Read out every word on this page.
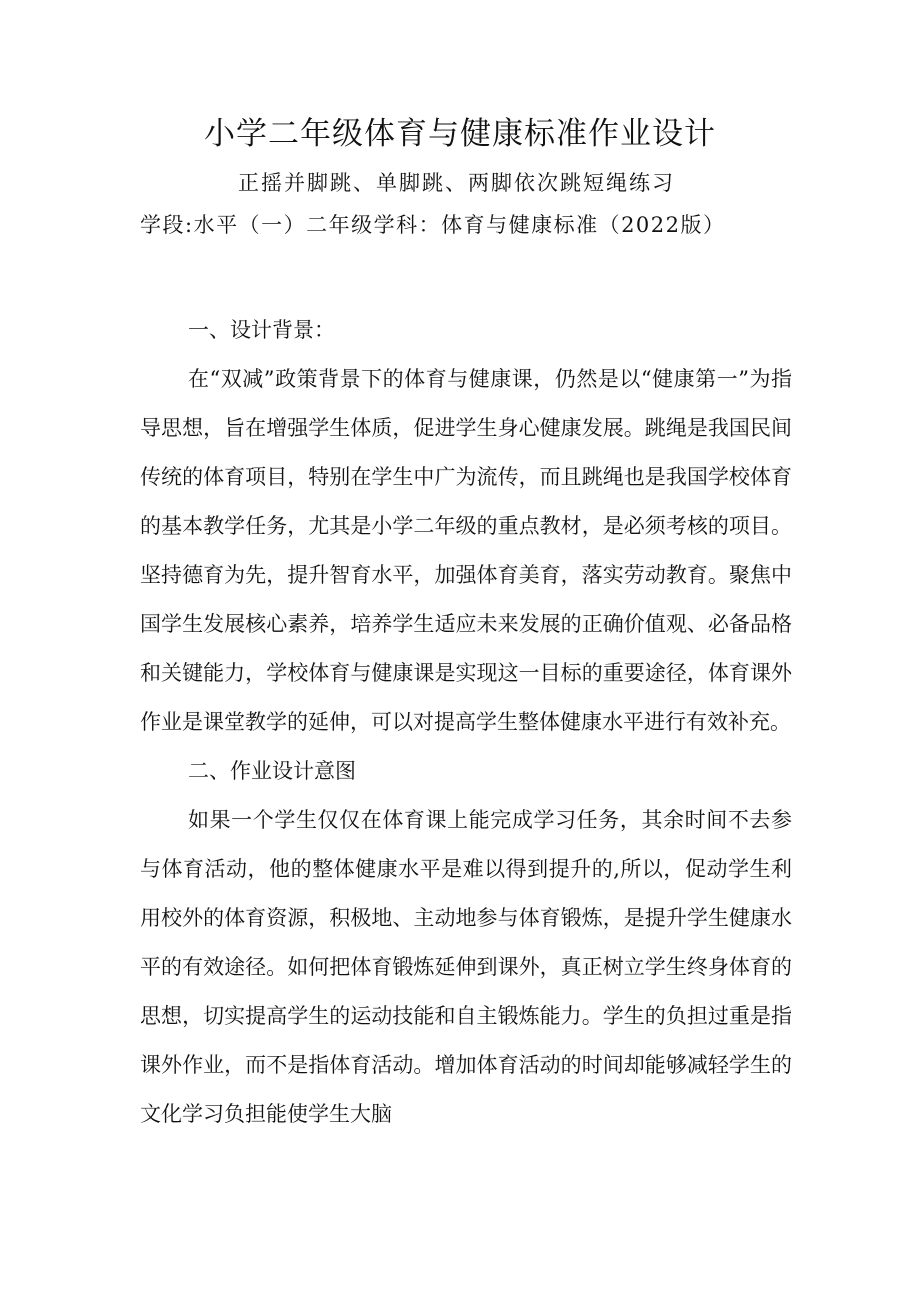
小学二年级体育与健康标准作业设计
正摇并脚跳、单脚跳、两脚依次跳短绳练习
学段:水平（一）二年级学科：体育与健康标准（2022版）

一、设计背景：

在“双减”政策背景下的体育与健康课，仍然是以“健康第一”为指导思想，旨在增强学生体质，促进学生身心健康发展。跳绳是我国民间传统的体育项目，特别在学生中广为流传，而且跳绳也是我国学校体育的基本教学任务，尤其是小学二年级的重点教材，是必须考核的项目。坚持德育为先，提升智育水平，加强体育美育，落实劳动教育。聚焦中国学生发展核心素养，培养学生适应未来发展的正确价值观、必备品格和关键能力，学校体育与健康课是实现这一目标的重要途径，体育课外作业是课堂教学的延伸，可以对提高学生整体健康水平进行有效补充。

二、作业设计意图

如果一个学生仅仅在体育课上能完成学习任务，其余时间不去参与体育活动，他的整体健康水平是难以得到提升的,所以，促动学生利用校外的体育资源，积极地、主动地参与体育锻炼，是提升学生健康水平的有效途径。如何把体育锻炼延伸到课外，真正树立学生终身体育的思想，切实提高学生的运动技能和自主锻炼能力。学生的负担过重是指课外作业，而不是指体育活动。增加体育活动的时间却能够减轻学生的文化学习负担能使学生大脑
